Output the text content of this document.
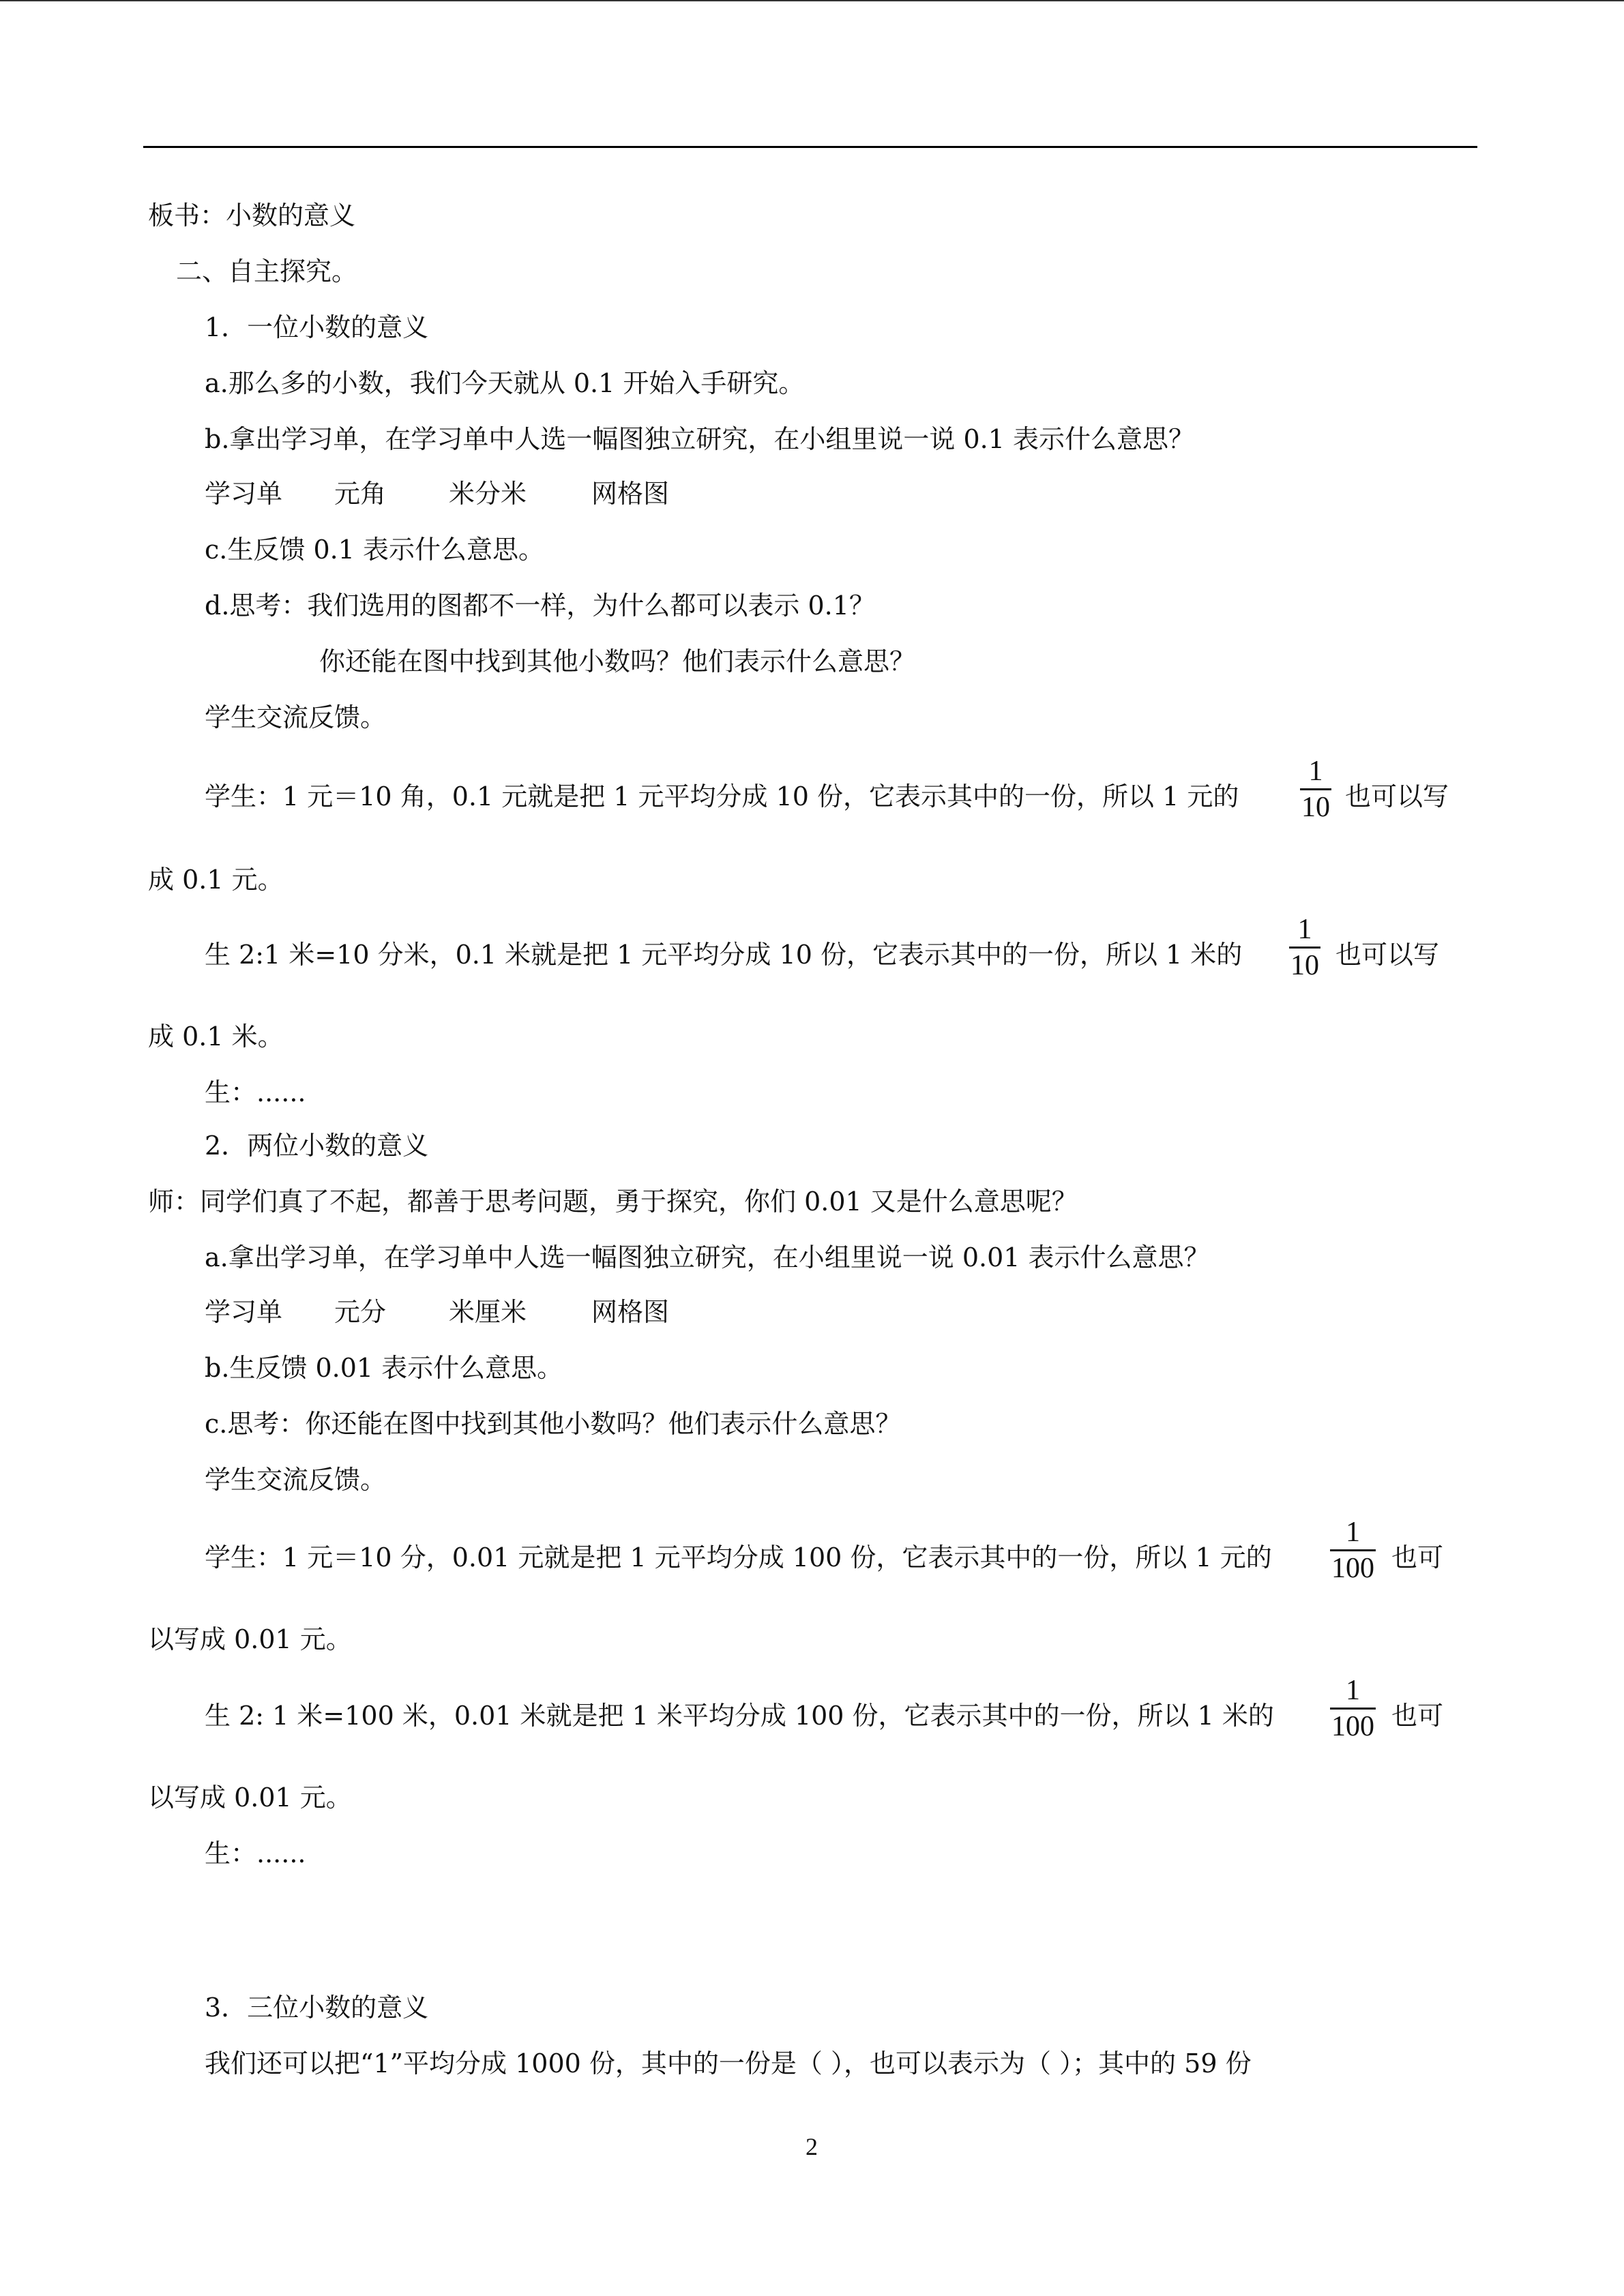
板书：小数的意义
二、自主探究。
1．一位小数的意义
a.那么多的小数，我们今天就从 0.1 开始入手研究。
b.拿出学习单，在学习单中人选一幅图独立研究，在小组里说一说 0.1 表示什么意思？
学习单 元角 米分米 网格图
c.生反馈 0.1 表示什么意思。
d.思考：我们选用的图都不一样，为什么都可以表示 0.1？
你还能在图中找到其他小数吗？他们表示什么意思？
学生交流反馈。
学生：1 元＝10 角，0.1 元就是把 1 元平均分成 10 份，它表示其中的一份，所以 1 元的
1
10 也可以写
成 0.1 元。
生 2:1 米=10 分米，0.1 米就是把 1 元平均分成 10 份，它表示其中的一份，所以 1 米的
1
10 也可以写
成 0.1 米。
生：......
2．两位小数的意义
师：同学们真了不起，都善于思考问题，勇于探究，你们 0.01 又是什么意思呢？
a.拿出学习单，在学习单中人选一幅图独立研究，在小组里说一说 0.01 表示什么意思？
学习单 元分 米厘米 网格图
b.生反馈 0.01 表示什么意思。
c.思考：你还能在图中找到其他小数吗？他们表示什么意思？
学生交流反馈。
学生：1 元＝10 分，0.01 元就是把 1 元平均分成 100 份，它表示其中的一份，所以 1 元的
1
100 也可
以写成 0.01 元。
生 2: 1 米=100 米，0.01 米就是把 1 米平均分成 100 份，它表示其中的一份，所以 1 米的
1
100 也可
以写成 0.01 元。
生：......
3．三位小数的意义
我们还可以把“1”平均分成 1000 份，其中的一份是（ ），也可以表示为（ ）；其中的 59 份
2
